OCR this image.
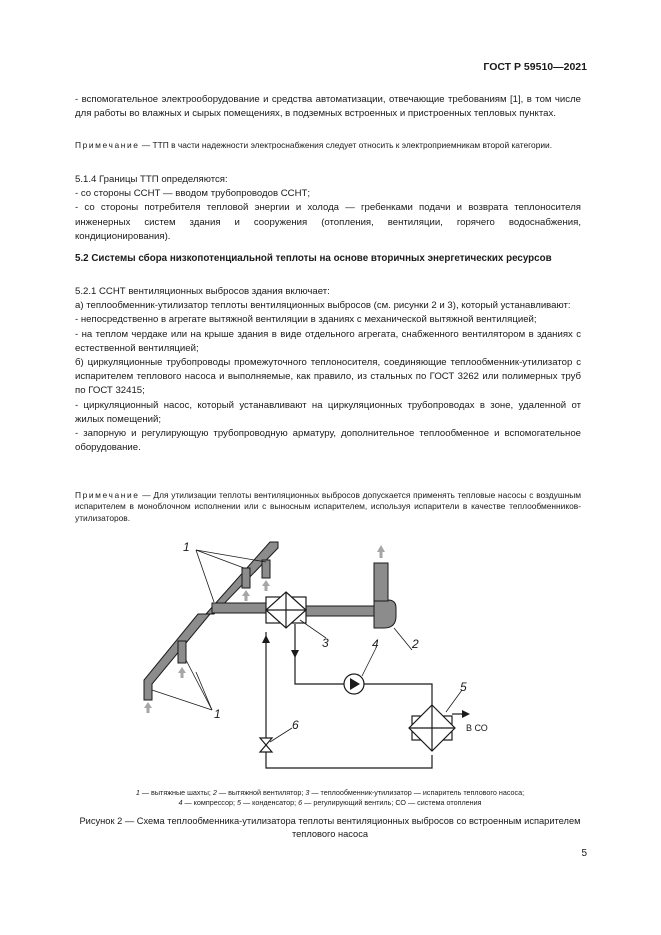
ГОСТ Р 59510—2021

- вспомогательное электрооборудование и средства автоматизации, отвечающие требованиям [1], в том числе для работы во влажных и сырых помещениях, в подземных встроенных и пристроенных тепловых пунктах.

Примечание — ТТП в части надежности электроснабжения следует относить к электроприемникам второй категории.

5.1.4 Границы ТТП определяются:

- со стороны ССНТ — вводом трубопроводов ССНТ;

- со стороны потребителя тепловой энергии и холода — гребенками подачи и возврата теплоносителя инженерных систем здания и сооружения (отопления, вентиляции, горячего водоснабжения, кондиционирования).

5.2 Системы сбора низкопотенциальной теплоты на основе вторичных энергетических ресурсов

5.2.1 ССНТ вентиляционных выбросов здания включает:

а) теплообменник-утилизатор теплоты вентиляционных выбросов (см. рисунки 2 и 3), который устанавливают:

- непосредственно в агрегате вытяжной вентиляции в зданиях с механической вытяжной вентиляцией;

- на теплом чердаке или на крыше здания в виде отдельного агрегата, снабженного вентилятором в зданиях с естественной вентиляцией;

б) циркуляционные трубопроводы промежуточного теплоносителя, соединяющие теплообменник-утилизатор с испарителем теплового насоса и выполняемые, как правило, из стальных по ГОСТ 3262 или полимерных труб по ГОСТ 32415;

- циркуляционный насос, который устанавливают на циркуляционных трубопроводах в зоне, удаленной от жилых помещений;

- запорную и регулирующую трубопроводную арматуру, дополнительное теплообменное и вспомогательное оборудование.

Примечание — Для утилизации теплоты вентиляционных выбросов допускается применять тепловые насосы с воздушным испарителем в моноблочном исполнении или с выносным испарителем, используя испарители в качестве теплообменников-утилизаторов.

1
1
2
3	4
5
6	В СО
1 — вытяжные шахты; 2 — вытяжной вентилятор; 3 — теплообменник-утилизатор — испаритель теплового насоса;
4 — компрессор; 5 — конденсатор; 6 — регулирующий вентиль; СО — система отопления
Рисунок 2 — Схема теплообменника-утилизатора теплоты вентиляционных выбросов со встроенным испарителем теплового насоса
5
